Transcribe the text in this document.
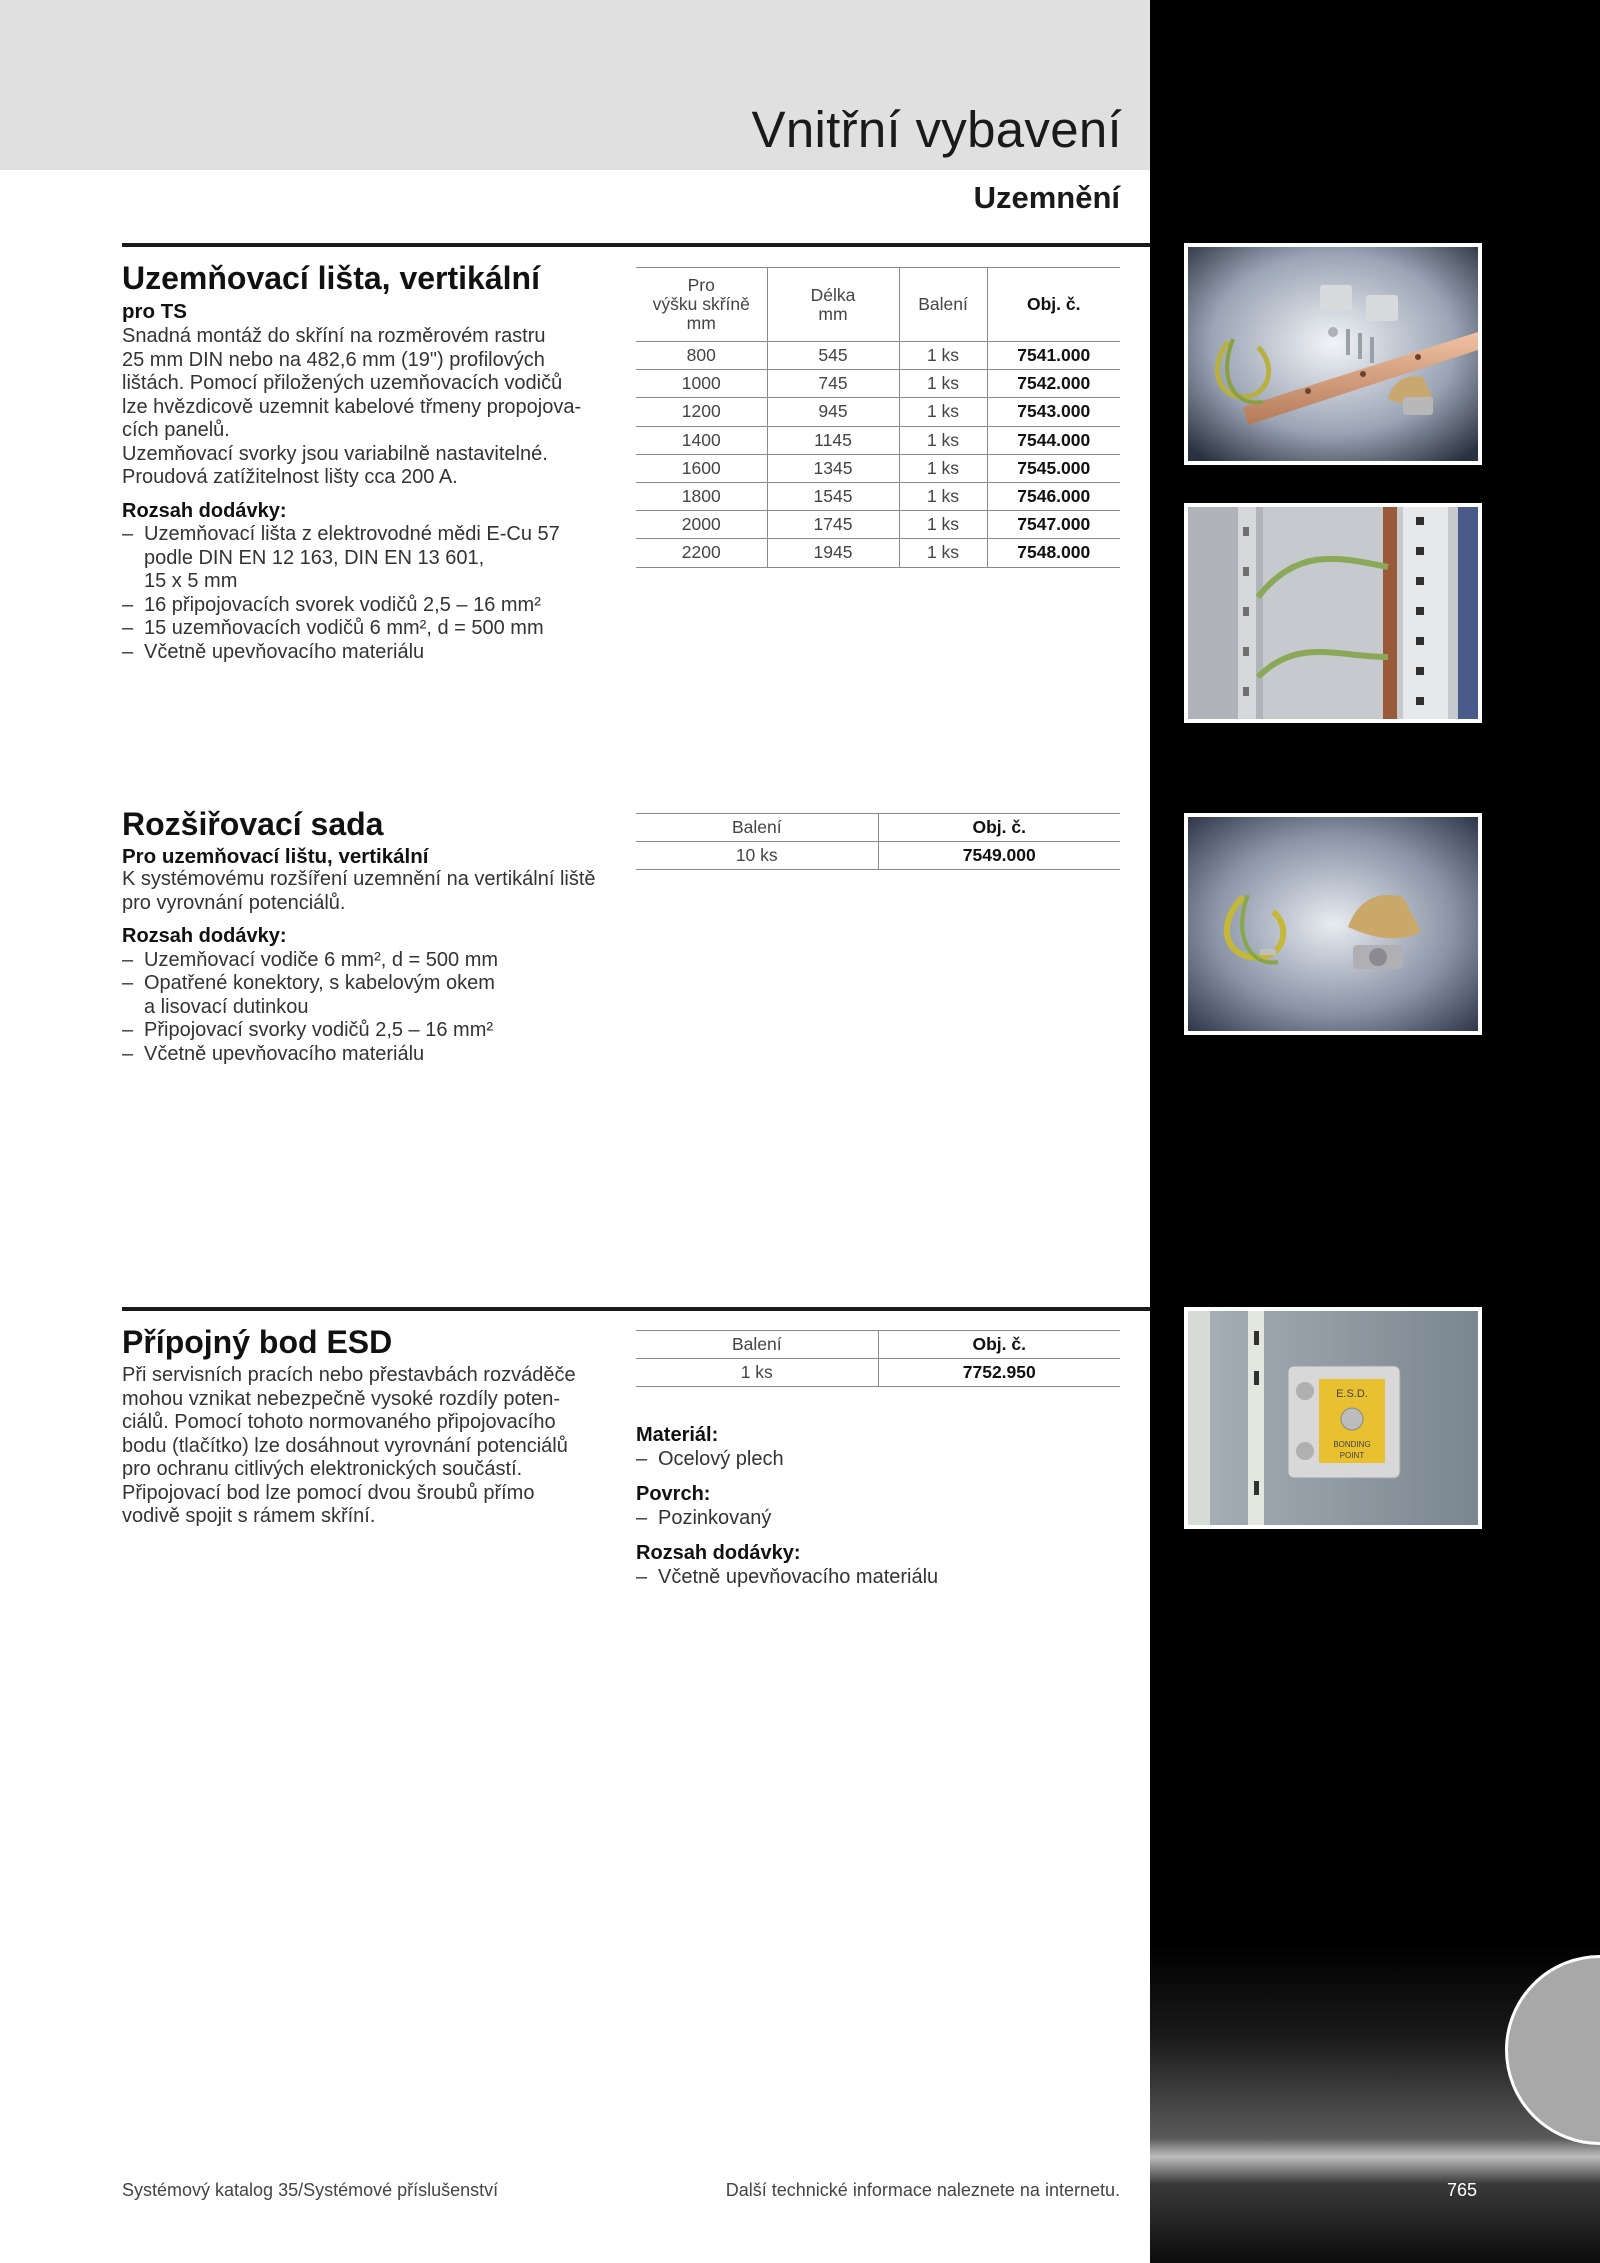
Vnitřní vybavení
Uzemnění
Uzemňovací lišta, vertikální
pro TS

Snadná montáž do skříní na rozměrovém rastru

25 mm DIN nebo na 482,6 mm (19") profilových

lištách. Pomocí přiložených uzemňovacích vodičů

lze hvězdicově uzemnit kabelové třmeny propojova-

cích panelů.

Uzemňovací svorky jsou variabilně nastavitelné.

Proudová zatížitelnost lišty cca 200 A.

Rozsah dodávky:
– Uzemňovací lišta z elektrovodné mědi E-Cu 57
podle DIN EN 12 163, DIN EN 13 601,
15 x 5 mm
– 16 připojovacích svorek vodičů 2,5 – 16 mm²
– 15 uzemňovacích vodičů 6 mm², d = 500 mm
– Včetně upevňovacího materiálu
Pro
výšku skříně
mm	Délka
mm	Balení	Obj. č.
800	545	1 ks	7541.000
1000	745	1 ks	7542.000
1200	945	1 ks	7543.000
1400	1145	1 ks	7544.000
1600	1345	1 ks	7545.000
1800	1545	1 ks	7546.000
2000	1745	1 ks	7547.000
2200	1945	1 ks	7548.000
Rozšiřovací sada
Pro uzemňovací lištu, vertikální

K systémovému rozšíření uzemnění na vertikální liště

pro vyrovnání potenciálů.

Rozsah dodávky:
– Uzemňovací vodiče 6 mm², d = 500 mm
– Opatřené konektory, s kabelovým okem
a lisovací dutinkou
– Připojovací svorky vodičů 2,5 – 16 mm²
– Včetně upevňovacího materiálu
Balení	Obj. č.
10 ks	7549.000
Přípojný bod ESD

Při servisních pracích nebo přestavbách rozváděče

mohou vznikat nebezpečně vysoké rozdíly poten-

ciálů. Pomocí tohoto normovaného připojovacího

bodu (tlačítko) lze dosáhnout vyrovnání potenciálů

pro ochranu citlivých elektronických součástí.

Připojovací bod lze pomocí dvou šroubů přímo

vodivě spojit s rámem skříní.

Balení	Obj. č.
1 ks	7752.950
Materiál:
– Ocelový plech
Povrch:
– Pozinkovaný
Rozsah dodávky:
– Včetně upevňovacího materiálu
E.S.D.
BONDING
POINT
Systémový katalog 35/Systémové příslušenství	Další technické informace naleznete na internetu.	765
